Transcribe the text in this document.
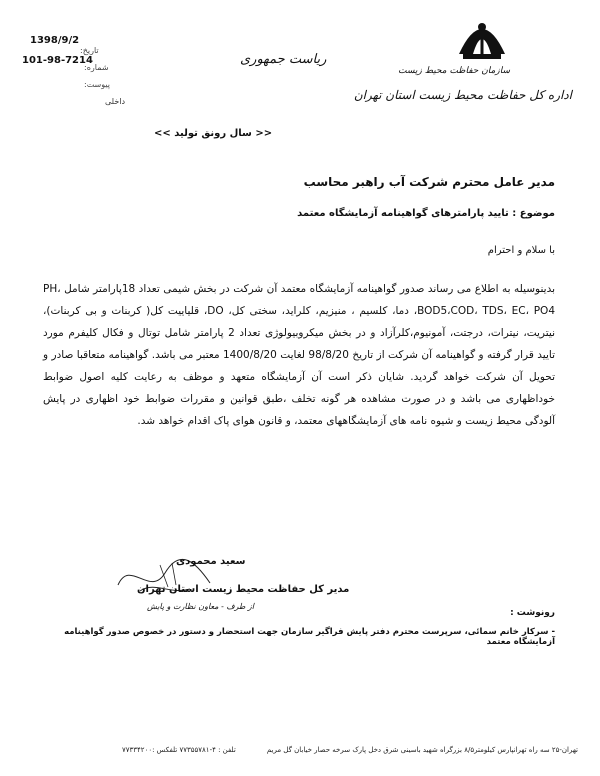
سازمان حفاظت محیط زیست
اداره کل حفاظت محیط زیست استان تهران
ریاست جمهوری
تاریخ:
1398/9/2
شماره:
101-98-7214
پیوست:
داخلی
<< سال رونق تولید >>
مدیر عامل محترم شرکت آب راهبر محاسب
موضوع : تایید پارامترهای گواهینامه آزمایشگاه معتمد
با سلام و احترام
بدینوسیله به اطلاع می رساند صدور گواهینامه آزمایشگاه معتمد آن شرکت در بخش شیمی تعداد 18پارامتر شامل PH، BOD5،COD، TDS، EC، PO4، دما، کلسیم ، منیزیم، کلراید، سختی کل، DO، قلیاییت کل( کربنات و بی کربنات)، نیتریت، نیترات، درجتت، آمونیوم،کلرآزاد و در بخش میکروبیولوژی تعداد 2 پارامتر شامل توتال و فکال کلیفرم مورد تایید قرار گرفته و گواهینامه آن شرکت از تاریخ 98/8/20 لغایت 1400/8/20 معتبر می باشد. گواهینامه متعاقبا صادر و تحویل آن شرکت خواهد گردید. شایان ذکر است آن آزمایشگاه متعهد و موظف به رعایت کلیه اصول ضوابط خوداظهاری می باشد و در صورت مشاهده هر گونه تخلف ،طبق قوانین و مقررات ضوابط خود اظهاری در پایش آلودگی محیط زیست و شیوه نامه های آزمایشگاههای معتمد، و قانون هوای پاک اقدام خواهد شد.
سعید محمودی
مدیر کل حفاظت محیط زیست استان تهران
از طرف - معاون نظارت و پایش
رونوشت :
- سرکار خانم سمائی، سرپرست محترم دفتر پایش فراگیر سازمان جهت استحضار و دستور در خصوص صدور گواهینامه آزمایشگاه معتمد
تهران-۲۵ سه راه تهرانپارس کیلومتر۸/۵ بزرگراه شهید باسینی شرق دخل پارک سرخه حصار خیابان گل مریم
تلفن : ۴-۷۷۳۵۵۷۸۱ تلفکس :۷۷۳۳۴۲۰۰
